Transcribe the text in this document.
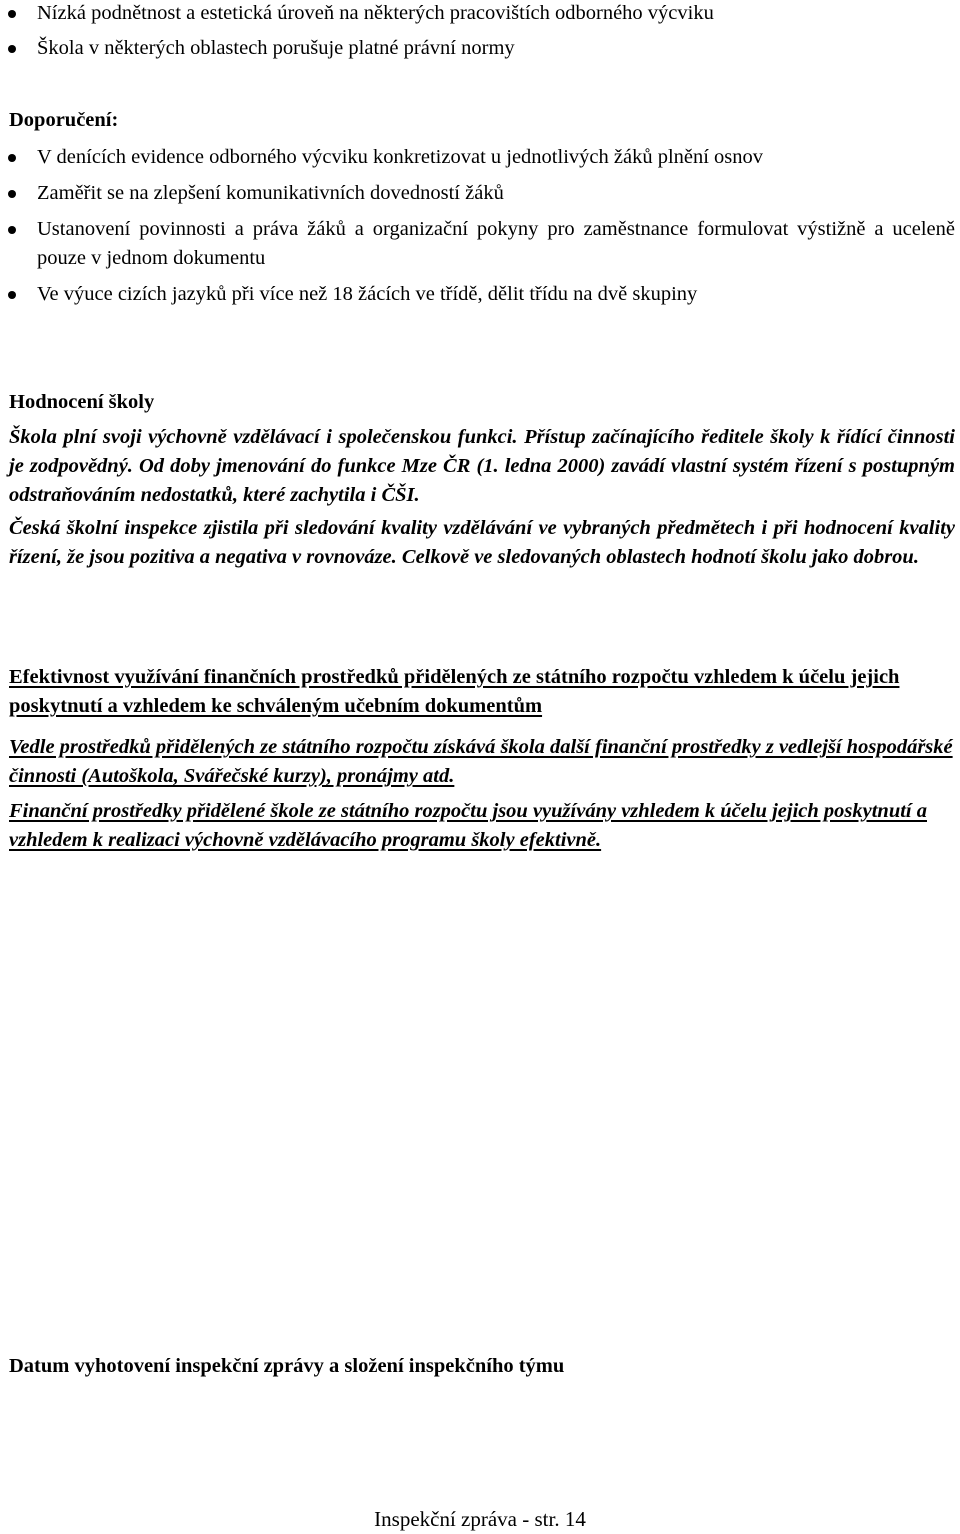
Nízká podnětnost a estetická úroveň na některých pracovištích odborného výcviku
Škola v některých oblastech porušuje platné právní normy
Doporučení:
V denících evidence odborného výcviku konkretizovat u jednotlivých žáků plnění osnov
Zaměřit se na zlepšení komunikativních dovedností žáků
Ustanovení povinnosti a práva žáků a organizační pokyny pro zaměstnance formulovat výstižně a uceleně pouze v jednom dokumentu
Ve výuce cizích jazyků při více než 18 žácích ve třídě, dělit třídu na dvě skupiny
Hodnocení školy

Škola plní svoji výchovně vzdělávací i společenskou funkci. Přístup začínajícího ředitele školy k řídící činnosti je zodpovědný. Od doby jmenování do funkce Mze ČR (1. ledna 2000) zavádí vlastní systém řízení s postupným odstraňováním nedostatků, které zachytila i ČŠI.

Česká školní inspekce zjistila při sledování kvality vzdělávání ve vybraných předmětech i při hodnocení kvality řízení, že jsou pozitiva a negativa v rovnováze. Celkově ve sledovaných oblastech hodnotí školu jako dobrou.

Efektivnost využívání finančních prostředků přidělených ze státního rozpočtu vzhledem k účelu jejich poskytnutí a vzhledem ke schváleným učebním dokumentům

Vedle prostředků přidělených ze státního rozpočtu získává škola další finanční prostředky z vedlejší hospodářské činnosti (Autoškola, Svářečské kurzy), pronájmy atd.

Finanční prostředky přidělené škole ze státního rozpočtu jsou využívány vzhledem k účelu jejich poskytnutí a vzhledem k realizaci výchovně vzdělávacího programu školy efektivně.

Datum vyhotovení inspekční zprávy a složení inspekčního týmu
Inspekční zpráva - str. 14
